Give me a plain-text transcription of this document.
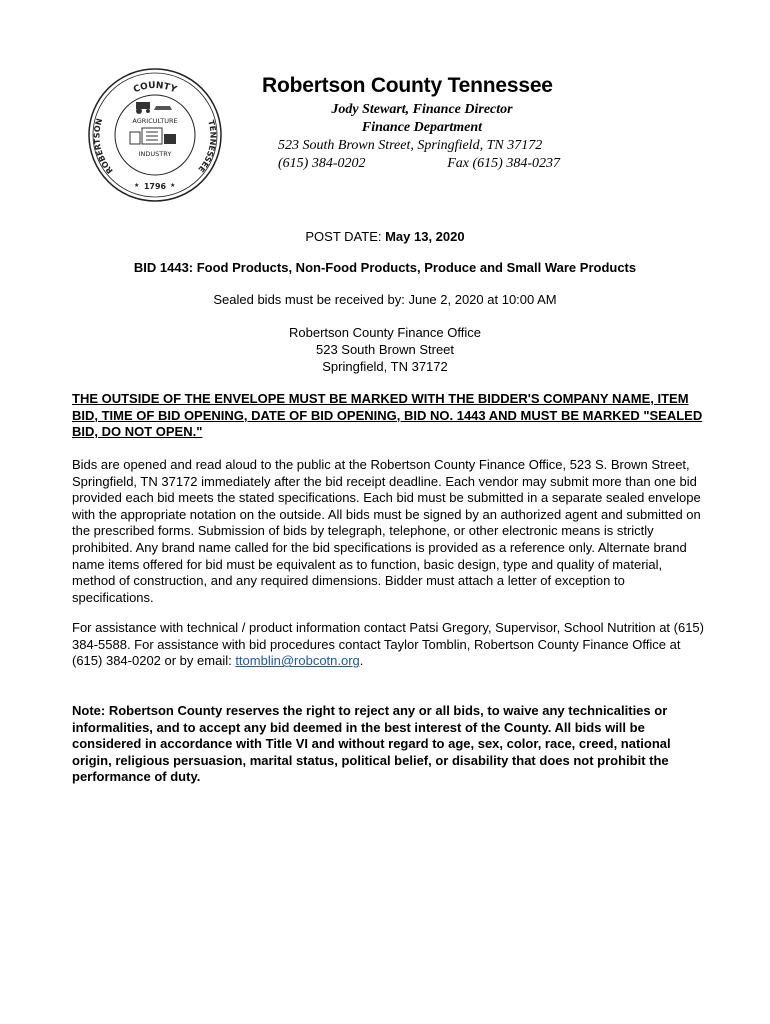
COUNTY
ROBERTSON	TENNESSEE
AGRICULTURE
INDUSTRY
1796
★	★
Robertson County Tennessee
Jody Stewart, Finance Director
Finance Department
523 South Brown Street, Springfield, TN 37172
(615) 384-0202	Fax (615) 384-0237
POST DATE: May 13, 2020
BID 1443: Food Products, Non-Food Products, Produce and Small Ware Products
Sealed bids must be received by: June 2, 2020 at 10:00 AM
Robertson County Finance Office
523 South Brown Street
Springfield, TN 37172
THE OUTSIDE OF THE ENVELOPE MUST BE MARKED WITH THE BIDDER'S COMPANY NAME, ITEM BID, TIME OF BID OPENING, DATE OF BID OPENING, BID NO. 1443 AND MUST BE MARKED "SEALED BID, DO NOT OPEN."
Bids are opened and read aloud to the public at the Robertson County Finance Office, 523 S. Brown Street, Springfield, TN 37172 immediately after the bid receipt deadline. Each vendor may submit more than one bid provided each bid meets the stated specifications. Each bid must be submitted in a separate sealed envelope with the appropriate notation on the outside. All bids must be signed by an authorized agent and submitted on the prescribed forms. Submission of bids by telegraph, telephone, or other electronic means is strictly prohibited. Any brand name called for the bid specifications is provided as a reference only. Alternate brand name items offered for bid must be equivalent as to function, basic design, type and quality of material, method of construction, and any required dimensions. Bidder must attach a letter of exception to specifications.
For assistance with technical / product information contact Patsi Gregory, Supervisor, School Nutrition at (615) 384-5588. For assistance with bid procedures contact Taylor Tomblin, Robertson County Finance Office at (615) 384-0202 or by email: ttomblin@robcotn.org.
Note: Robertson County reserves the right to reject any or all bids, to waive any technicalities or informalities, and to accept any bid deemed in the best interest of the County. All bids will be considered in accordance with Title VI and without regard to age, sex, color, race, creed, national origin, religious persuasion, marital status, political belief, or disability that does not prohibit the performance of duty.
